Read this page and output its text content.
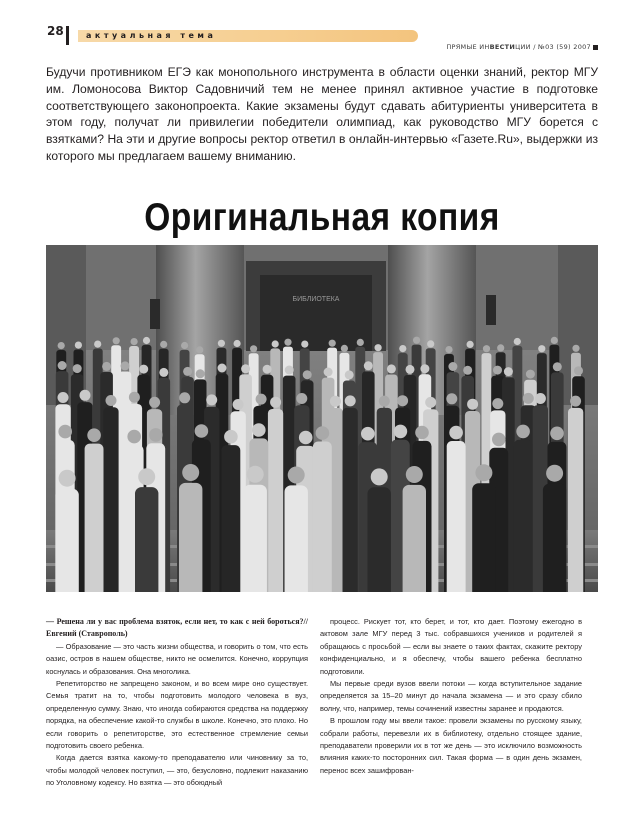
28	актуальная тема
ПРЯМЫЕ ИНВЕСТИЦИИ / №03 (59) 2007
Будучи противником ЕГЭ как монопольного инструмента в области оценки знаний, ректор МГУ им. Ломоносова Виктор Садовничий тем не менее принял активное участие в подготовке соответствующего законопроекта. Какие экзамены будут сдавать абитуриенты университета в этом году, получат ли привилегии победители олимпиад, как руководство МГУ борется с взятками? На эти и другие вопросы ректор ответил в онлайн-интервью «Газете.Ru», выдержки из которого мы предлагаем вашему вниманию.
Оригинальная копия
БИБЛИОТЕКА

— Решена ли у вас проблема взяток, если нет, то как с ней бороться?// Евгений (Ставрополь)

— Образование — это часть жизни общества, и говорить о том, что есть оазис, остров в нашем обществе, никто не осмелится. Конечно, коррупция коснулась и образования. Она многолика.

Репетиторство не запрещено законом, и во всем мире оно существует. Семья тратит на то, чтобы подготовить молодого человека в вуз, определенную сумму. Знаю, что иногда собираются средства на поддержку порядка, на обеспечение какой-то службы в школе. Конечно, это плохо. Но если говорить о репетиторстве, это естественное стремление семьи подготовить своего ребенка.

Когда дается взятка какому-то преподавателю или чиновнику за то, чтобы молодой человек поступил, — это, безусловно, подлежит наказанию по Уголовному кодексу. Но взятка — это обоюдный

процесс. Рискует тот, кто берет, и тот, кто дает. Поэтому ежегодно в актовом зале МГУ перед 3 тыс. собравшихся учеников и родителей я обращаюсь с просьбой — если вы знаете о таких фактах, скажите ректору конфиденциально, и я обеспечу, чтобы вашего ребенка бесплатно подготовили.

Мы первые среди вузов ввели потоки — когда вступительное задание определяется за 15–20 минут до начала экзамена — и это сразу сбило волну, что, например, темы сочинений известны заранее и продаются.

В прошлом году мы ввели такое: провели экзамены по русскому языку, собрали работы, перевезли их в библиотеку, отдельно стоящее здание, преподаватели проверили их в тот же день — это исключило возможность влияния каких-то посторонних сил. Такая форма — в один день экзамен, перенос всех зашифрован-
